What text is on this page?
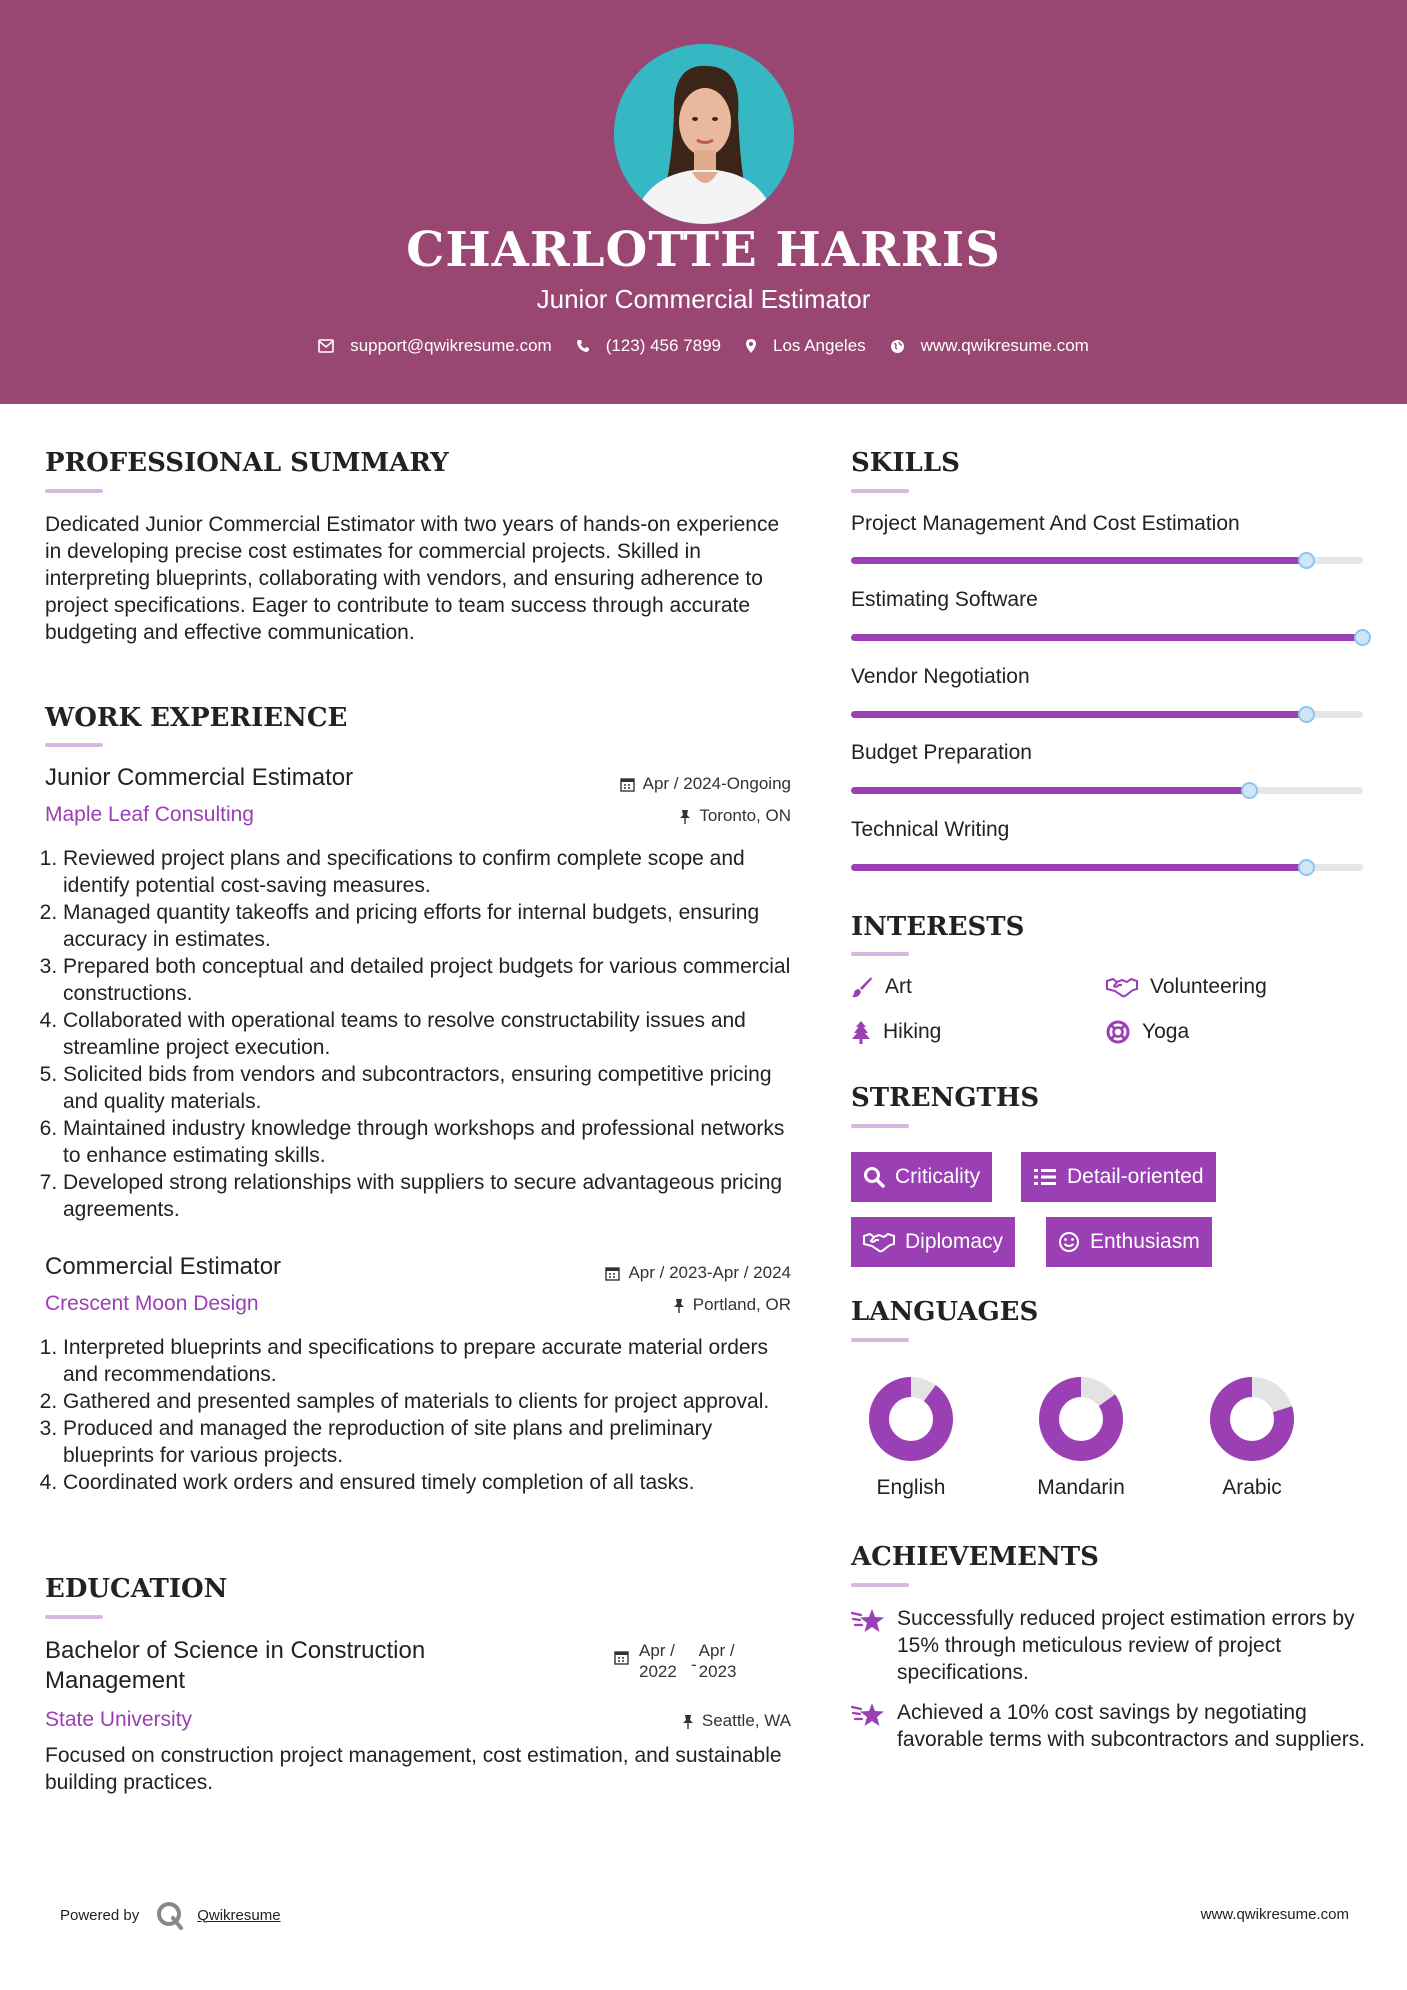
CHARLOTTE HARRIS
Junior Commercial Estimator
support@qwikresume.com	(123) 456 7899	Los Angeles	www.qwikresume.com
PROFESSIONAL SUMMARY
Dedicated Junior Commercial Estimator with two years of hands-on experience in developing precise cost estimates for commercial projects. Skilled in interpreting blueprints, collaborating with vendors, and ensuring adherence to project specifications. Eager to contribute to team success through accurate budgeting and effective communication.
WORK EXPERIENCE
Junior Commercial Estimator	Apr / 2024-Ongoing
Maple Leaf Consulting	Toronto, ON
1. Reviewed project plans and specifications to confirm complete scope and identify potential cost-saving measures.
2. Managed quantity takeoffs and pricing efforts for internal budgets, ensuring accuracy in estimates.
3. Prepared both conceptual and detailed project budgets for various commercial constructions.
4. Collaborated with operational teams to resolve constructability issues and streamline project execution.
5. Solicited bids from vendors and subcontractors, ensuring competitive pricing and quality materials.
6. Maintained industry knowledge through workshops and professional networks to enhance estimating skills.
7. Developed strong relationships with suppliers to secure advantageous pricing agreements.
Commercial Estimator	Apr / 2023-Apr / 2024
Crescent Moon Design	Portland, OR
1. Interpreted blueprints and specifications to prepare accurate material orders and recommendations.
2. Gathered and presented samples of materials to clients for project approval.
3. Produced and managed the reproduction of site plans and preliminary blueprints for various projects.
4. Coordinated work orders and ensured timely completion of all tasks.
EDUCATION
Bachelor of Science in Construction Management
Apr / 2022 -
Apr / 2023
State University	Seattle, WA
Focused on construction project management, cost estimation, and sustainable building practices.
SKILLS
Project Management And Cost Estimation
Estimating Software
Vendor Negotiation
Budget Preparation
Technical Writing
INTERESTS
Art	Volunteering
Hiking	Yoga
STRENGTHS
Criticality	Detail-oriented
Diplomacy	Enthusiasm
LANGUAGES
English	Mandarin	Arabic
ACHIEVEMENTS
Successfully reduced project estimation errors by 15% through meticulous review of project specifications.
Achieved a 10% cost savings by negotiating favorable terms with subcontractors and suppliers.
Powered by	Qwikresume	www.qwikresume.com
